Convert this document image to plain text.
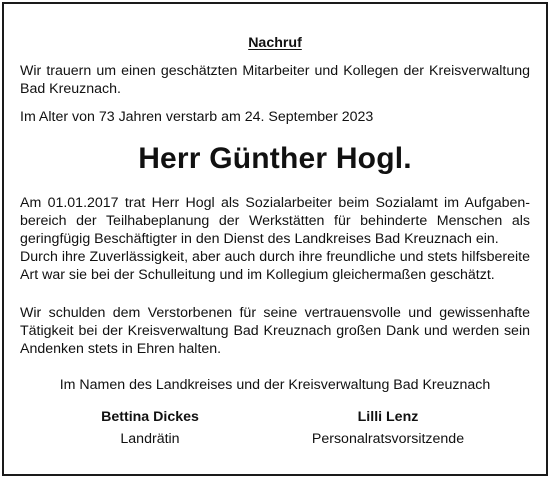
Nachruf

Wir trauern um einen geschätzten Mitarbeiter und Kollegen der Kreisverwaltung Bad Kreuznach.

Im Alter von 73 Jahren verstarb am 24. September 2023

Herr Günther Hogl.

Am 01.01.2017 trat Herr Hogl als Sozialarbeiter beim Sozialamt im Aufgabenbereich der Teilhabeplanung der Werkstätten für behinderte Menschen als geringfügig Beschäftigter in den Dienst des Landkreises Bad Kreuznach ein.

Durch ihre Zuverlässigkeit, aber auch durch ihre freundliche und stets hilfsbereite Art war sie bei der Schulleitung und im Kollegium gleichermaßen geschätzt.

Wir schulden dem Verstorbenen für seine vertrauensvolle und gewissenhafte Tätigkeit bei der Kreisverwaltung Bad Kreuznach großen Dank und werden sein Andenken stets in Ehren halten.

Im Namen des Landkreises und der Kreisverwaltung Bad Kreuznach
Bettina Dickes
Landrätin
Lilli Lenz
Personalratsvorsitzende
